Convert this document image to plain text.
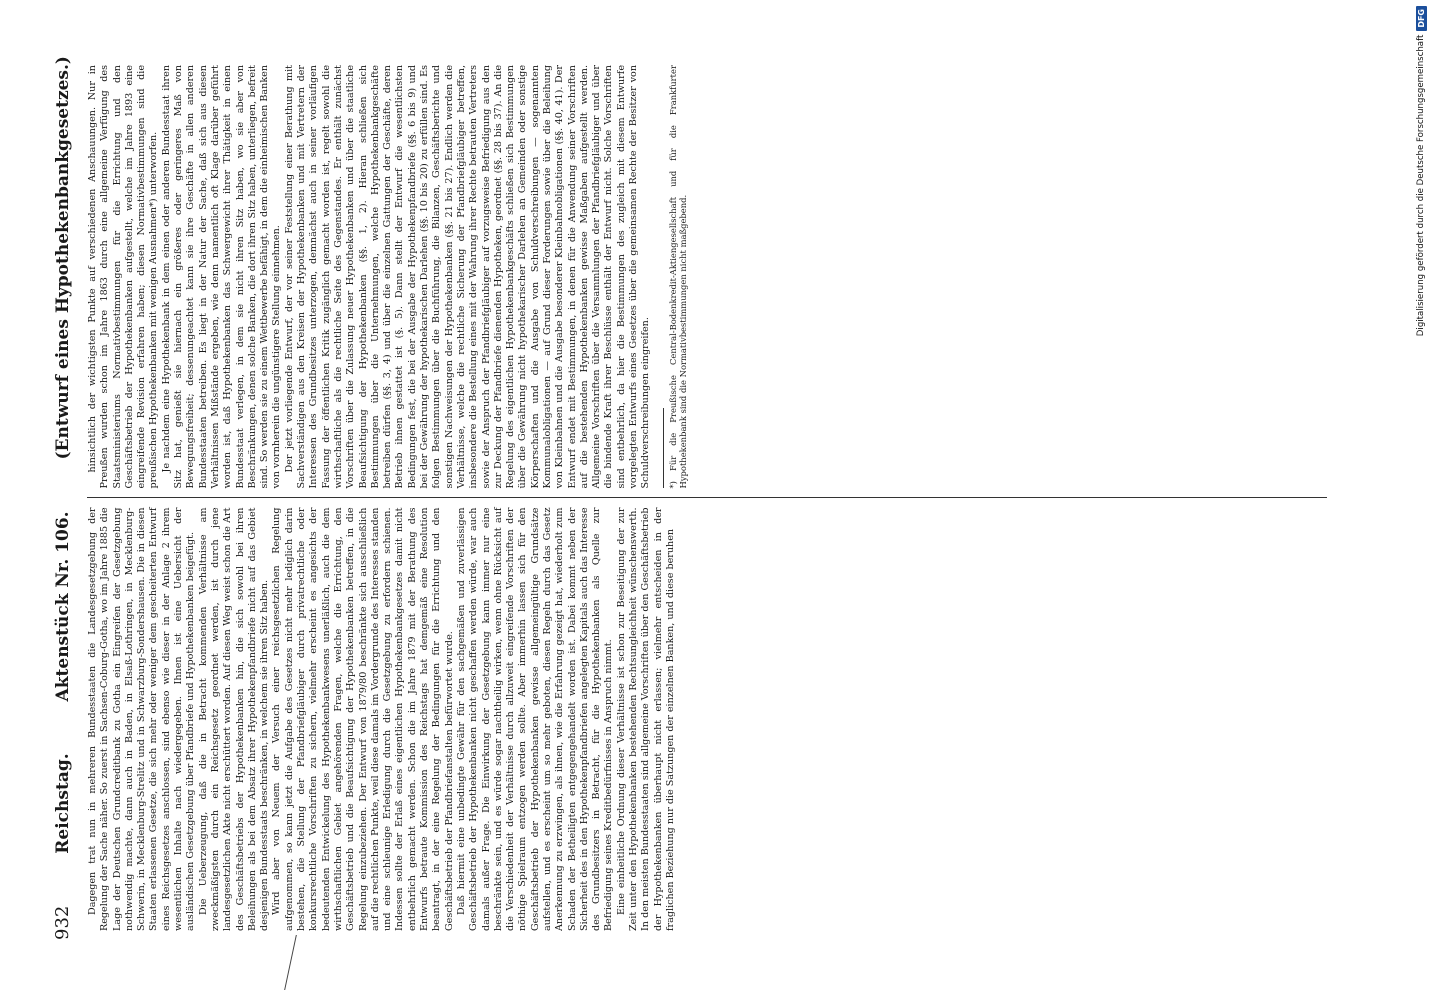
932
Reichstag.
Aktenstück Nr. 106.
(Entwurf eines Hypothekenbankgesetzes.)

Dagegen trat nun in mehreren Bundesstaaten die Landesgesetzgebung der Regelung der Sache näher. So zuerst in Sachsen-Coburg-Gotha, wo im Jahre 1885 die Lage der Deutschen Grundcreditbank zu Gotha ein Eingreifen der Gesetzgebung nothwendig machte, dann auch in Baden, in Elsaß-Lothringen, in Mecklenburg-Schwerin, in Mecklenburg-Strelitz und in Schwarzburg-Sondershausen. Die in diesen Staaten erlassenen Gesetze, die sich mehr oder weniger dem gescheiterten Entwurf eines Reichsgesetzes anschlossen, sind ebenso wie dieser in der Anlage 2 ihrem wesentlichen Inhalte nach wiedergegeben. Ihnen ist eine Uebersicht der ausländischen Gesetzgebung über Pfandbriefe und Hypothekenbanken beigefügt. Die Ueberzeugung, daß die in Betracht kommenden Verhältnisse am zweckmäßigsten durch ein Reichsgesetz geordnet werden, ist durch jene landesgesetzlichen Akte nicht erschüttert worden. Auf diesen Weg weist schon die Art des Geschäftsbetriebs der Hypothekenbanken hin, die sich sowohl bei ihren Beleihungen als bei dem Absatz ihrer Hypothekenpfandbriefe nicht auf das Gebiet desjenigen Bundesstaats beschränken, in welchem sie ihren Sitz haben. Wird aber von Neuem der Versuch einer reichsgesetzlichen Regelung aufgenommen, so kann jetzt die Aufgabe des Gesetzes nicht mehr lediglich darin bestehen, die Stellung der Pfandbriefgläubiger durch privatrechtliche oder konkursrechtliche Vorschriften zu sichern, vielmehr erscheint es angesichts der bedeutenden Entwickelung des Hypothekenbankwesens unerläßlich, auch die dem wirthschaftlichen Gebiet angehörenden Fragen, welche die Errichtung, den Geschäftsbetrieb und die Beaufsichtigung der Hypothekenbanken betreffen, in die Regelung einzubeziehen. Der Entwurf von 1879/80 beschränkte sich ausschließlich auf die rechtlichen Punkte, weil diese damals im Vordergrunde des Interesses standen und eine schleunige Erledigung durch die Gesetzgebung zu erfordern schienen. Indessen sollte der Erlaß eines eigentlichen Hypothekenbankgesetzes damit nicht entbehrlich gemacht werden. Schon die im Jahre 1879 mit der Berathung des Entwurfs betraute Kommission des Reichstags hat demgemäß eine Resolution beantragt, in der eine Regelung der Bedingungen für die Errichtung und den Geschäftsbetrieb der Pfandbriefanstalten befürwortet wurde. Daß hiermit eine unbedingte Gewähr für den sachgemäßen und zuverlässigen Geschäftsbetrieb der Hypothekenbanken nicht geschaffen werden würde, war auch damals außer Frage. Die Einwirkung der Gesetzgebung kann immer nur eine beschränkte sein, und es würde sogar nachtheilig wirken, wenn ohne Rücksicht auf die Verschiedenheit der Verhältnisse durch allzuweit eingreifende Vorschriften der nöthige Spielraum entzogen werden sollte. Aber immerhin lassen sich für den Geschäftsbetrieb der Hypothekenbanken gewisse allgemeingültige Grundsätze aufstellen, und es erscheint um so mehr geboten, diesen Regeln durch das Gesetz Anerkennung zu erzwingen, als ihnen, wie die Erfahrung gezeigt hat, wiederholt zum Schaden der Betheiligten entgegengehandelt worden ist. Dabei kommt neben der Sicherheit des in den Hypothekenpfandbriefen angelegten Kapitals auch das Interesse des Grundbesitzers in Betracht, für die Hypothekenbanken als Quelle zur Befriedigung seines Kreditbedürfnisses in Anspruch nimmt. Eine einheitliche Ordnung dieser Verhältnisse ist schon zur Beseitigung der zur Zeit unter den Hypothekenbanken bestehenden Rechtsungleichheit wünschenswerth. In den meisten Bundesstaaten sind allgemeine Vorschriften über den Geschäftsbetrieb der Hypothekenbanken überhaupt nicht erlassen; vielmehr entscheiden in der fraglichen Beziehung nur die Satzungen der einzelnen Banken, und diese beruhen

hinsichtlich der wichtigsten Punkte auf verschiedenen Anschauungen. Nur in Preußen wurden schon im Jahre 1863 durch eine allgemeine Verfügung des Staatsministeriums Normativbestimmungen für die Errichtung und den Geschäftsbetrieb der Hypothekenbanken aufgestellt, welche im Jahre 1893 eine eingreifende Revision erfahren haben; diesen Normativbestimmungen sind die preußischen Hypothekenbanken mit wenigen Ausnahmen*) unterworfen. Je nachdem eine Hypothekenbank in dem einen oder anderen Bundesstaat ihren Sitz hat, genießt sie hiernach ein größeres oder geringeres Maß von Bewegungsfreiheit; dessenungeachtet kann sie ihre Geschäfte in allen anderen Bundesstaaten betreiben. Es liegt in der Natur der Sache, daß sich aus diesen Verhältnissen Mißstände ergeben, wie denn namentlich oft Klage darüber geführt worden ist, daß Hypothekenbanken das Schwergewicht ihrer Thätigkeit in einen Bundesstaat verlegen, in dem sie nicht ihren Sitz haben, wo sie aber von Beschränkungen, denen solche Banken, die dort ihren Sitz haben, unterliegen, befreit sind. So werden sie zu einem Wettbewerbe befähigt, in dem die einheimischen Banken von vornherein die ungünstigere Stellung einnehmen. Der jetzt vorliegende Entwurf, der vor seiner Feststellung einer Berathung mit Sachverständigen aus den Kreisen der Hypothekenbanken und mit Vertretern der Interessen des Grundbesitzes unterzogen, demnächst auch in seiner vorläufigen Fassung der öffentlichen Kritik zugänglich gemacht worden ist, regelt sowohl die wirthschaftliche als die rechtliche Seite des Gegenstandes. Er enthält zunächst Vorschriften über die Zulassung neuer Hypothekenbanken und über die staatliche Beaufsichtigung der Hypothekenbanken (§§. 1, 2). Hieran schließen sich Bestimmungen über die Unternehmungen, welche Hypothekenbankgeschäfte betreiben dürfen (§§. 3, 4) und über die einzelnen Gattungen der Geschäfte, deren Betrieb ihnen gestattet ist (§. 5). Dann stellt der Entwurf die wesentlichsten Bedingungen fest, die bei der Ausgabe der Hypothekenpfandbriefe (§§. 6 bis 9) und bei der Gewährung der hypothekarischen Darlehen (§§. 10 bis 20) zu erfüllen sind. Es folgen Bestimmungen über die Buchführung, die Bilanzen, Geschäftsberichte und sonstigen Nachweisungen der Hypothekenbanken (§§. 21 bis 27). Endlich werden die Verhältnisse, welche die rechtliche Sicherung der Pfandbriefgläubiger betreffen, insbesondere die Bestellung eines mit der Wahrung ihrer Rechte betrauten Vertreters sowie der Anspruch der Pfandbriefgläubiger auf vorzugsweise Befriedigung aus den zur Deckung der Pfandbriefe dienenden Hypotheken, geordnet (§§. 28 bis 37). An die Regelung des eigentlichen Hypothekenbankgeschäfts schließen sich Bestimmungen über die Gewährung nicht hypothekarischer Darlehen an Gemeinden oder sonstige Körperschaften und die Ausgabe von Schuldverschreibungen — sogenannten Kommunalobligationen — auf Grund dieser Forderungen sowie über die Beleihung von Kleinbahnen und die Ausgabe besonderer Kleinbahnobligationen (§§. 40, 41). Der Entwurf endet mit Bestimmungen, in denen für die Anwendung seiner Vorschriften auf die bestehenden Hypothekenbanken gewisse Maßgaben aufgestellt werden. Allgemeine Vorschriften über die Versammlungen der Pfandbriefgläubiger und über die bindende Kraft ihrer Beschlüsse enthält der Entwurf nicht. Solche Vorschriften sind entbehrlich, da hier die Bestimmungen des zugleich mit diesem Entwurfe vorgelegten Entwurfs eines Gesetzes über die gemeinsamen Rechte der Besitzer von Schuldverschreibungen eingreifen. *) Für die Preußische Central-Bodenkredit-Aktiengesellschaft und für die Frankfurter Hypothekenbank sind die Normativbestimmungen nicht maßgebend.

Digitalisierung gefördert durch die Deutsche Forschungsgemeinschaft
DFG
